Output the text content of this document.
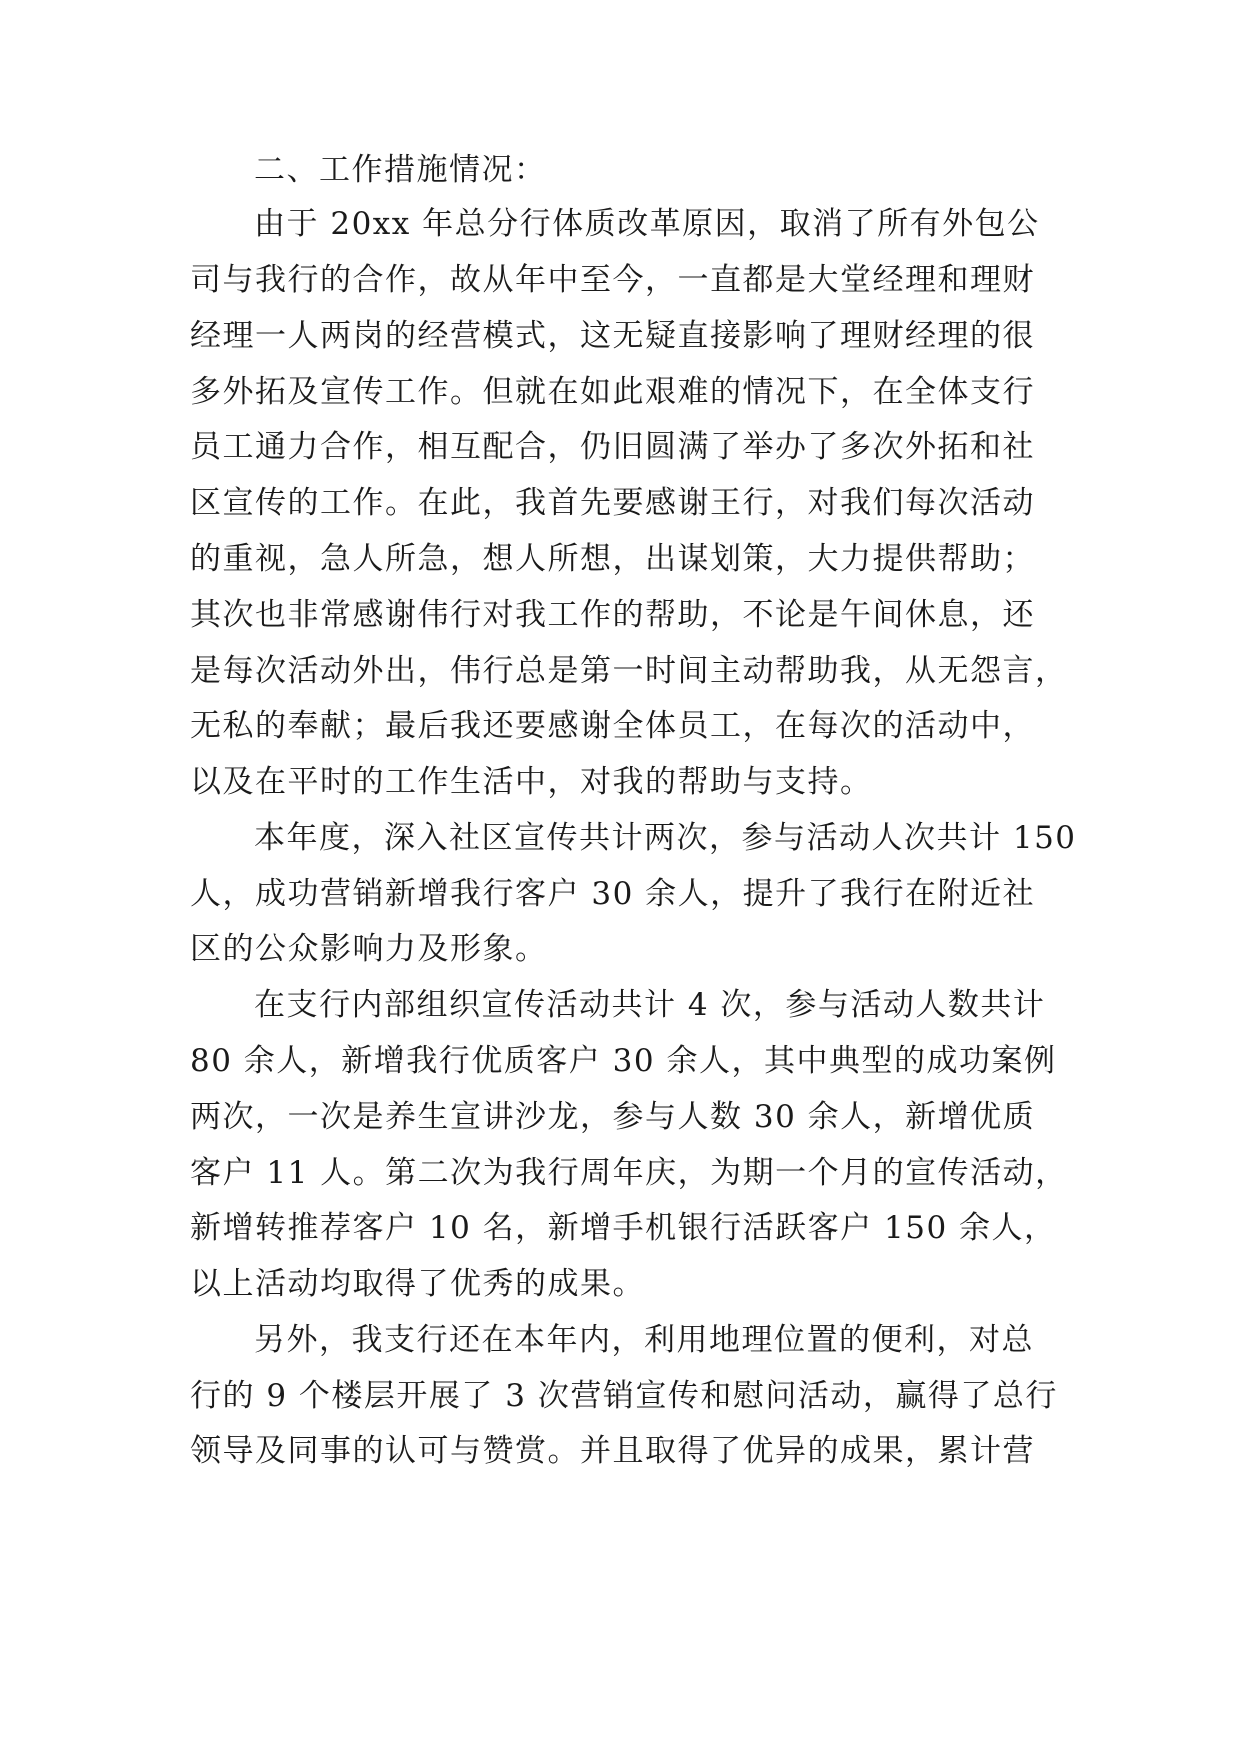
二、工作措施情况：
由于 20xx 年总分行体质改革原因，取消了所有外包公
司与我行的合作，故从年中至今，一直都是大堂经理和理财
经理一人两岗的经营模式，这无疑直接影响了理财经理的很
多外拓及宣传工作。但就在如此艰难的情况下，在全体支行
员工通力合作，相互配合，仍旧圆满了举办了多次外拓和社
区宣传的工作。在此，我首先要感谢王行，对我们每次活动
的重视，急人所急，想人所想，出谋划策，大力提供帮助；
其次也非常感谢伟行对我工作的帮助，不论是午间休息，还
是每次活动外出，伟行总是第一时间主动帮助我，从无怨言，
无私的奉献；最后我还要感谢全体员工，在每次的活动中，
以及在平时的工作生活中，对我的帮助与支持。
本年度，深入社区宣传共计两次，参与活动人次共计 150
人，成功营销新增我行客户 30 余人，提升了我行在附近社
区的公众影响力及形象。
在支行内部组织宣传活动共计 4 次，参与活动人数共计
80 余人，新增我行优质客户 30 余人，其中典型的成功案例
两次，一次是养生宣讲沙龙，参与人数 30 余人，新增优质
客户 11 人。第二次为我行周年庆，为期一个月的宣传活动，
新增转推荐客户 10 名，新增手机银行活跃客户 150 余人，
以上活动均取得了优秀的成果。
另外，我支行还在本年内，利用地理位置的便利，对总
行的 9 个楼层开展了 3 次营销宣传和慰问活动，赢得了总行
领导及同事的认可与赞赏。并且取得了优异的成果，累计营
